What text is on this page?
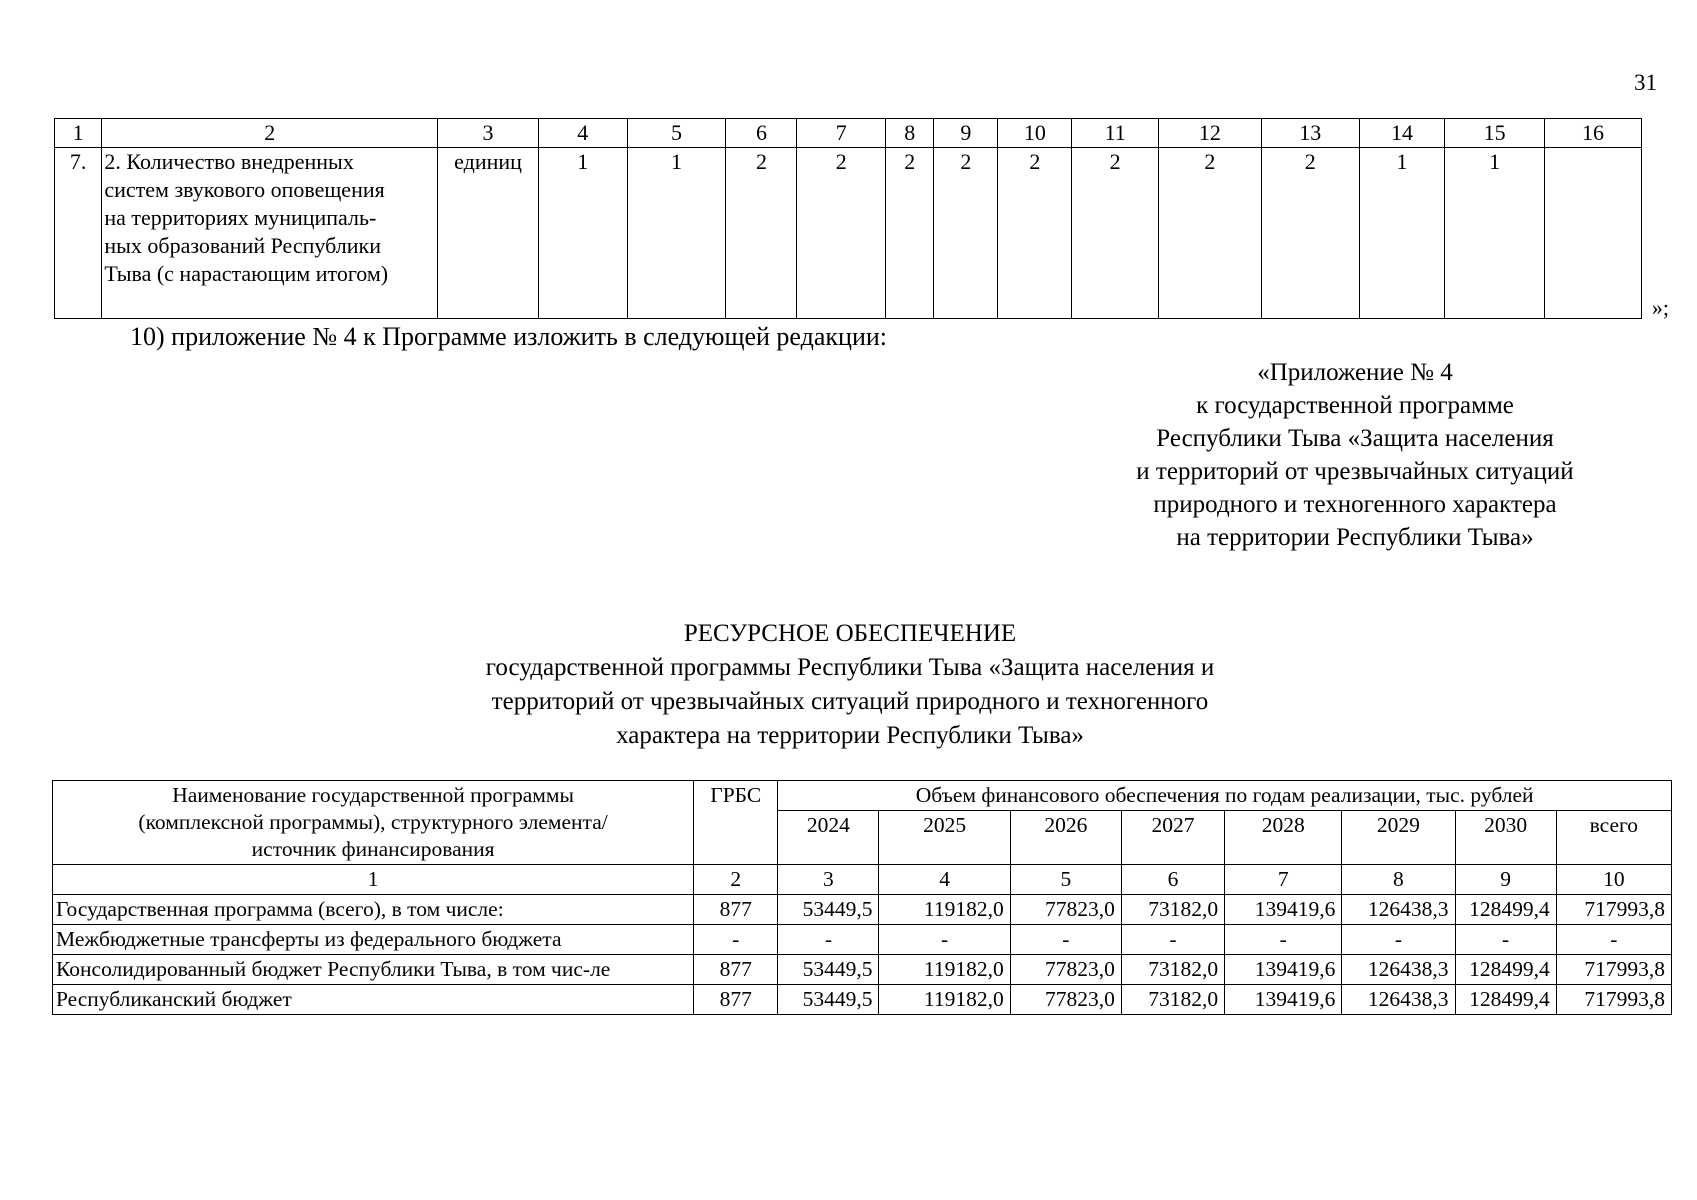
31
1	2	3	4	5	6	7	8	9	10	11	12	13	14	15	16
7.	2. Количество внедренных
систем звукового оповещения
на территориях муниципаль-
ных образований Республики
Тыва (с нарастающим итогом)	единиц	1	1	2	2	2	2	2	2	2	2	1	1	»;
10) приложение № 4 к Программе изложить в следующей редакции:
«Приложение № 4
к государственной программе
Республики Тыва «Защита населения
и территорий от чрезвычайных ситуаций
природного и техногенного характера
на территории Республики Тыва»
РЕСУРСНОЕ ОБЕСПЕЧЕНИЕ
государственной программы Республики Тыва «Защита населения и
территорий от чрезвычайных ситуаций природного и техногенного
характера на территории Республики Тыва»
Наименование государственной программы
(комплексной программы), структурного элемента/
источник финансирования	ГРБС	Объем финансового обеспечения по годам реализации, тыс. рублей							
		2024	2025	2026	2027	2028	2029	2030	всего
1	2	3	4	5	6	7	8	9	10
Государственная программа (всего), в том числе:	877	53449,5	119182,0	77823,0	73182,0	139419,6	126438,3	128499,4	717993,8
Межбюджетные трансферты из федерального бюджета	-	-	-	-	-	-	-	-	-
Консолидированный бюджет Республики Тыва, в том чис-ле	877	53449,5	119182,0	77823,0	73182,0	139419,6	126438,3	128499,4	717993,8
Республиканский бюджет	877	53449,5	119182,0	77823,0	73182,0	139419,6	126438,3	128499,4	717993,8
